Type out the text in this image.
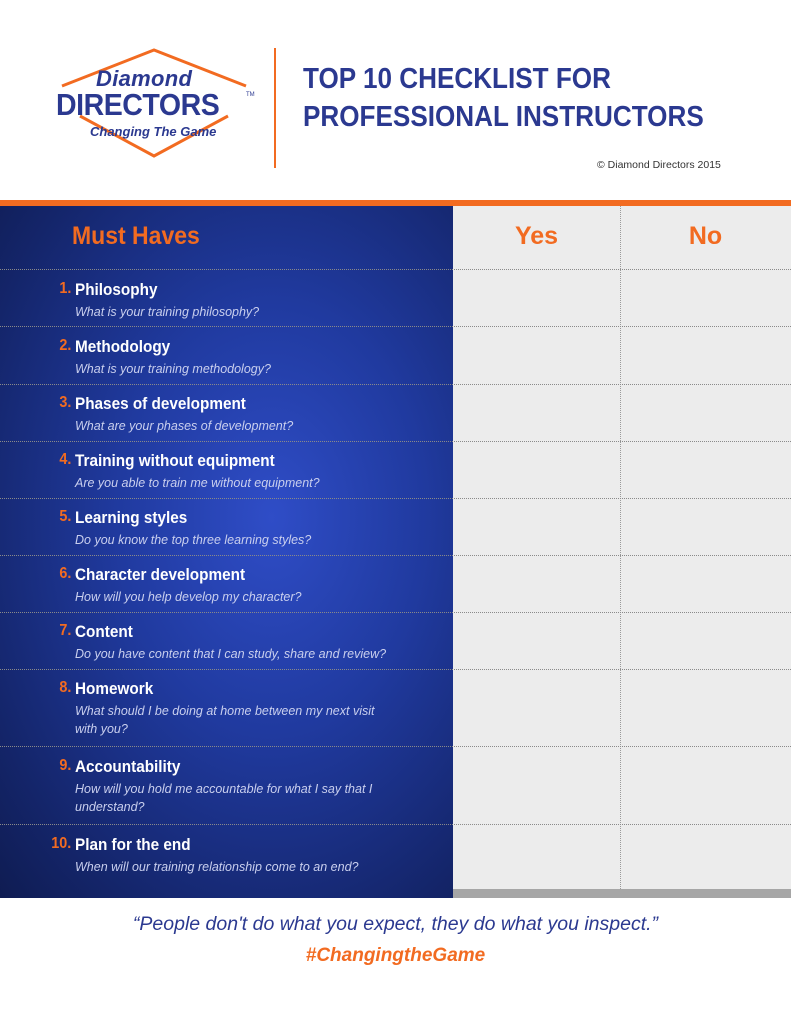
Diamond
DIRECTORS	TM
Changing The Game
TOP 10 CHECKLIST FOR
PROFESSIONAL INSTRUCTORS
© Diamond Directors 2015
Must Haves	Yes	No
1. Philosophy
What is your training philosophy?
2. Methodology
What is your training methodology?
3. Phases of development
What are your phases of development?
4. Training without equipment
Are you able to train me without equipment?
5. Learning styles
Do you know the top three learning styles?
6. Character development
How will you help develop my character?
7. Content
Do you have content that I can study, share and review?
8. Homework
What should I be doing at home between my next visit with you?
9. Accountability
How will you hold me accountable for what I say that I understand?
10. Plan for the end
When will our training relationship come to an end?
“People don't do what you expect, they do what you inspect.”
#ChangingtheGame
